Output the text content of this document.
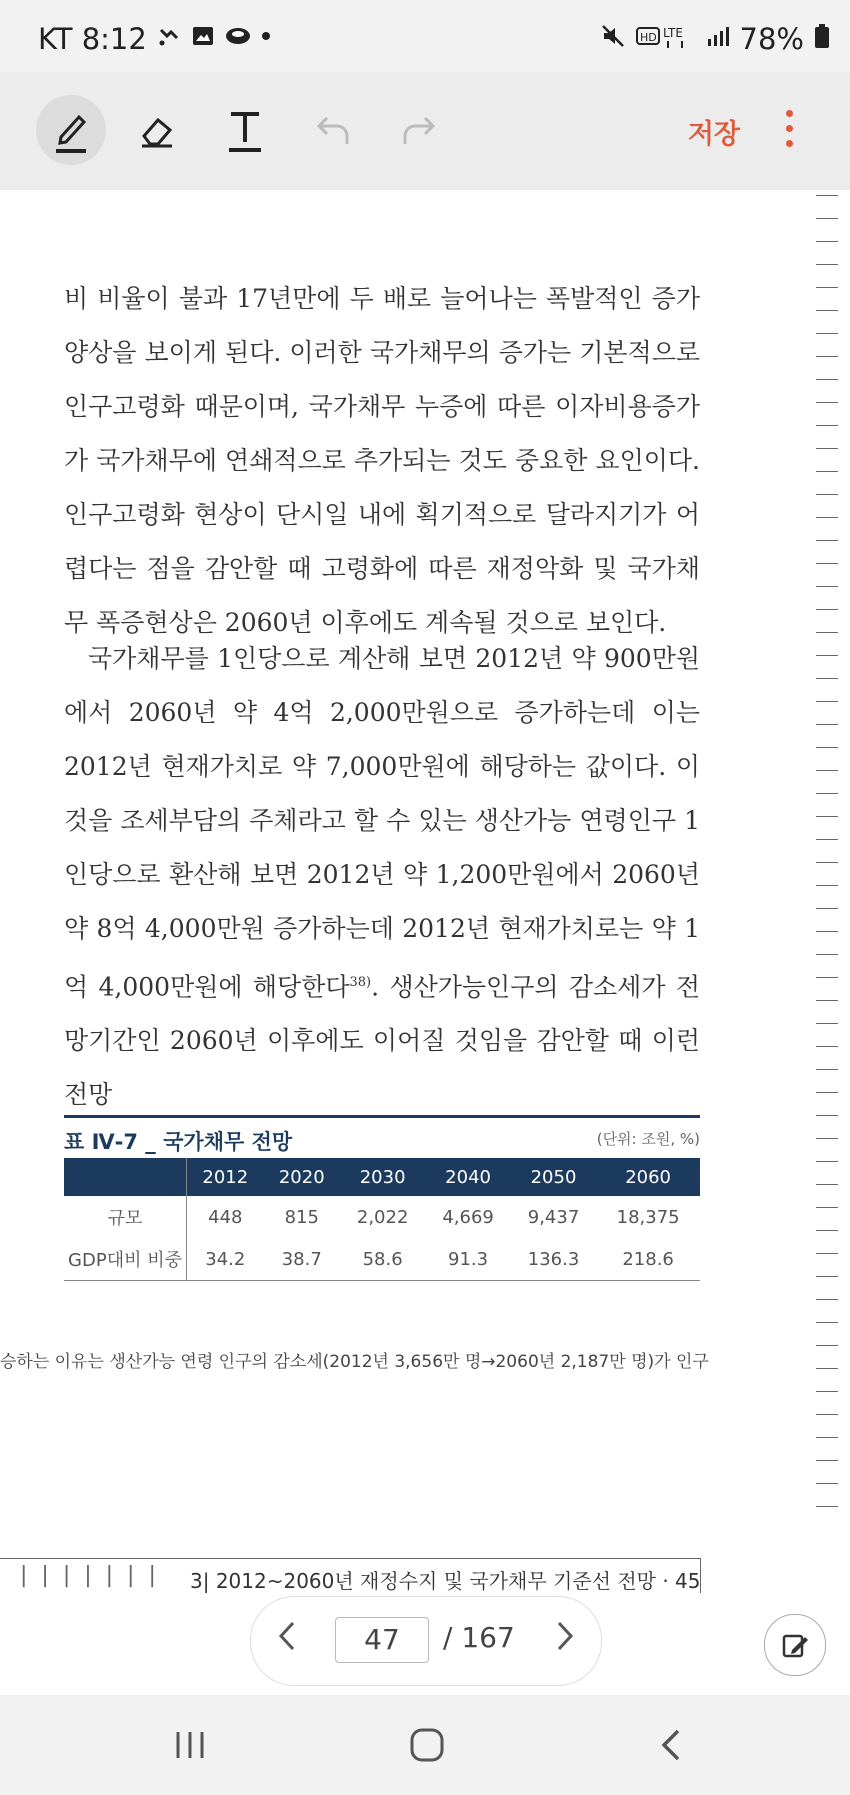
KT 8:12	HD LTE 78%
저장
비 비율이 불과 17년만에 두 배로 늘어나는 폭발적인 증가 양상을 보이게 된다. 이러한 국가채무의 증가는 기본적으로 인구고령화 때문이며, 국가채무 누증에 따른 이자비용증가가 국가채무에 연쇄적으로 추가되는 것도 중요한 요인이다. 인구고령화 현상이 단시일 내에 획기적으로 달라지기가 어렵다는 점을 감안할 때 고령화에 따른 재정악화 및 국가채무 폭증현상은 2060년 이후에도 계속될 것으로 보인다.
국가채무를 1인당으로 계산해 보면 2012년 약 900만원에서 2060년 약 4억 2,000만원으로 증가하는데 이는 2012년 현재가치로 약 7,000만원에 해당하는 값이다. 이것을 조세부담의 주체라고 할 수 있는 생산가능 연령인구 1인당으로 환산해 보면 2012년 약 1,200만원에서 2060년 약 8억 4,000만원 증가하는데 2012년 현재가치로는 약 1억 4,000만원에 해당한다$^{38)}$. 생산가능인구의 감소세가 전망기간인 2060년 이후에도 이어질 것임을 감안할 때 이런 전망
표 Ⅳ-7 _ 국가채무 전망	(단위: 조원, %)
	2012	2020	2030	2040	2050	2060
규모	448	815	2,022	4,669	9,437	18,375
GDP대비 비중	34.2	38.7	58.6	91.3	136.3	218.6
승하는 이유는 생산가능 연령 인구의 감소세(2012년 3,656만 명→2060년 2,187만 명)가 인구
||||||| 3| 2012~2060년 재정수지 및 국가채무 기준선 전망 · 45
47	/ 167
